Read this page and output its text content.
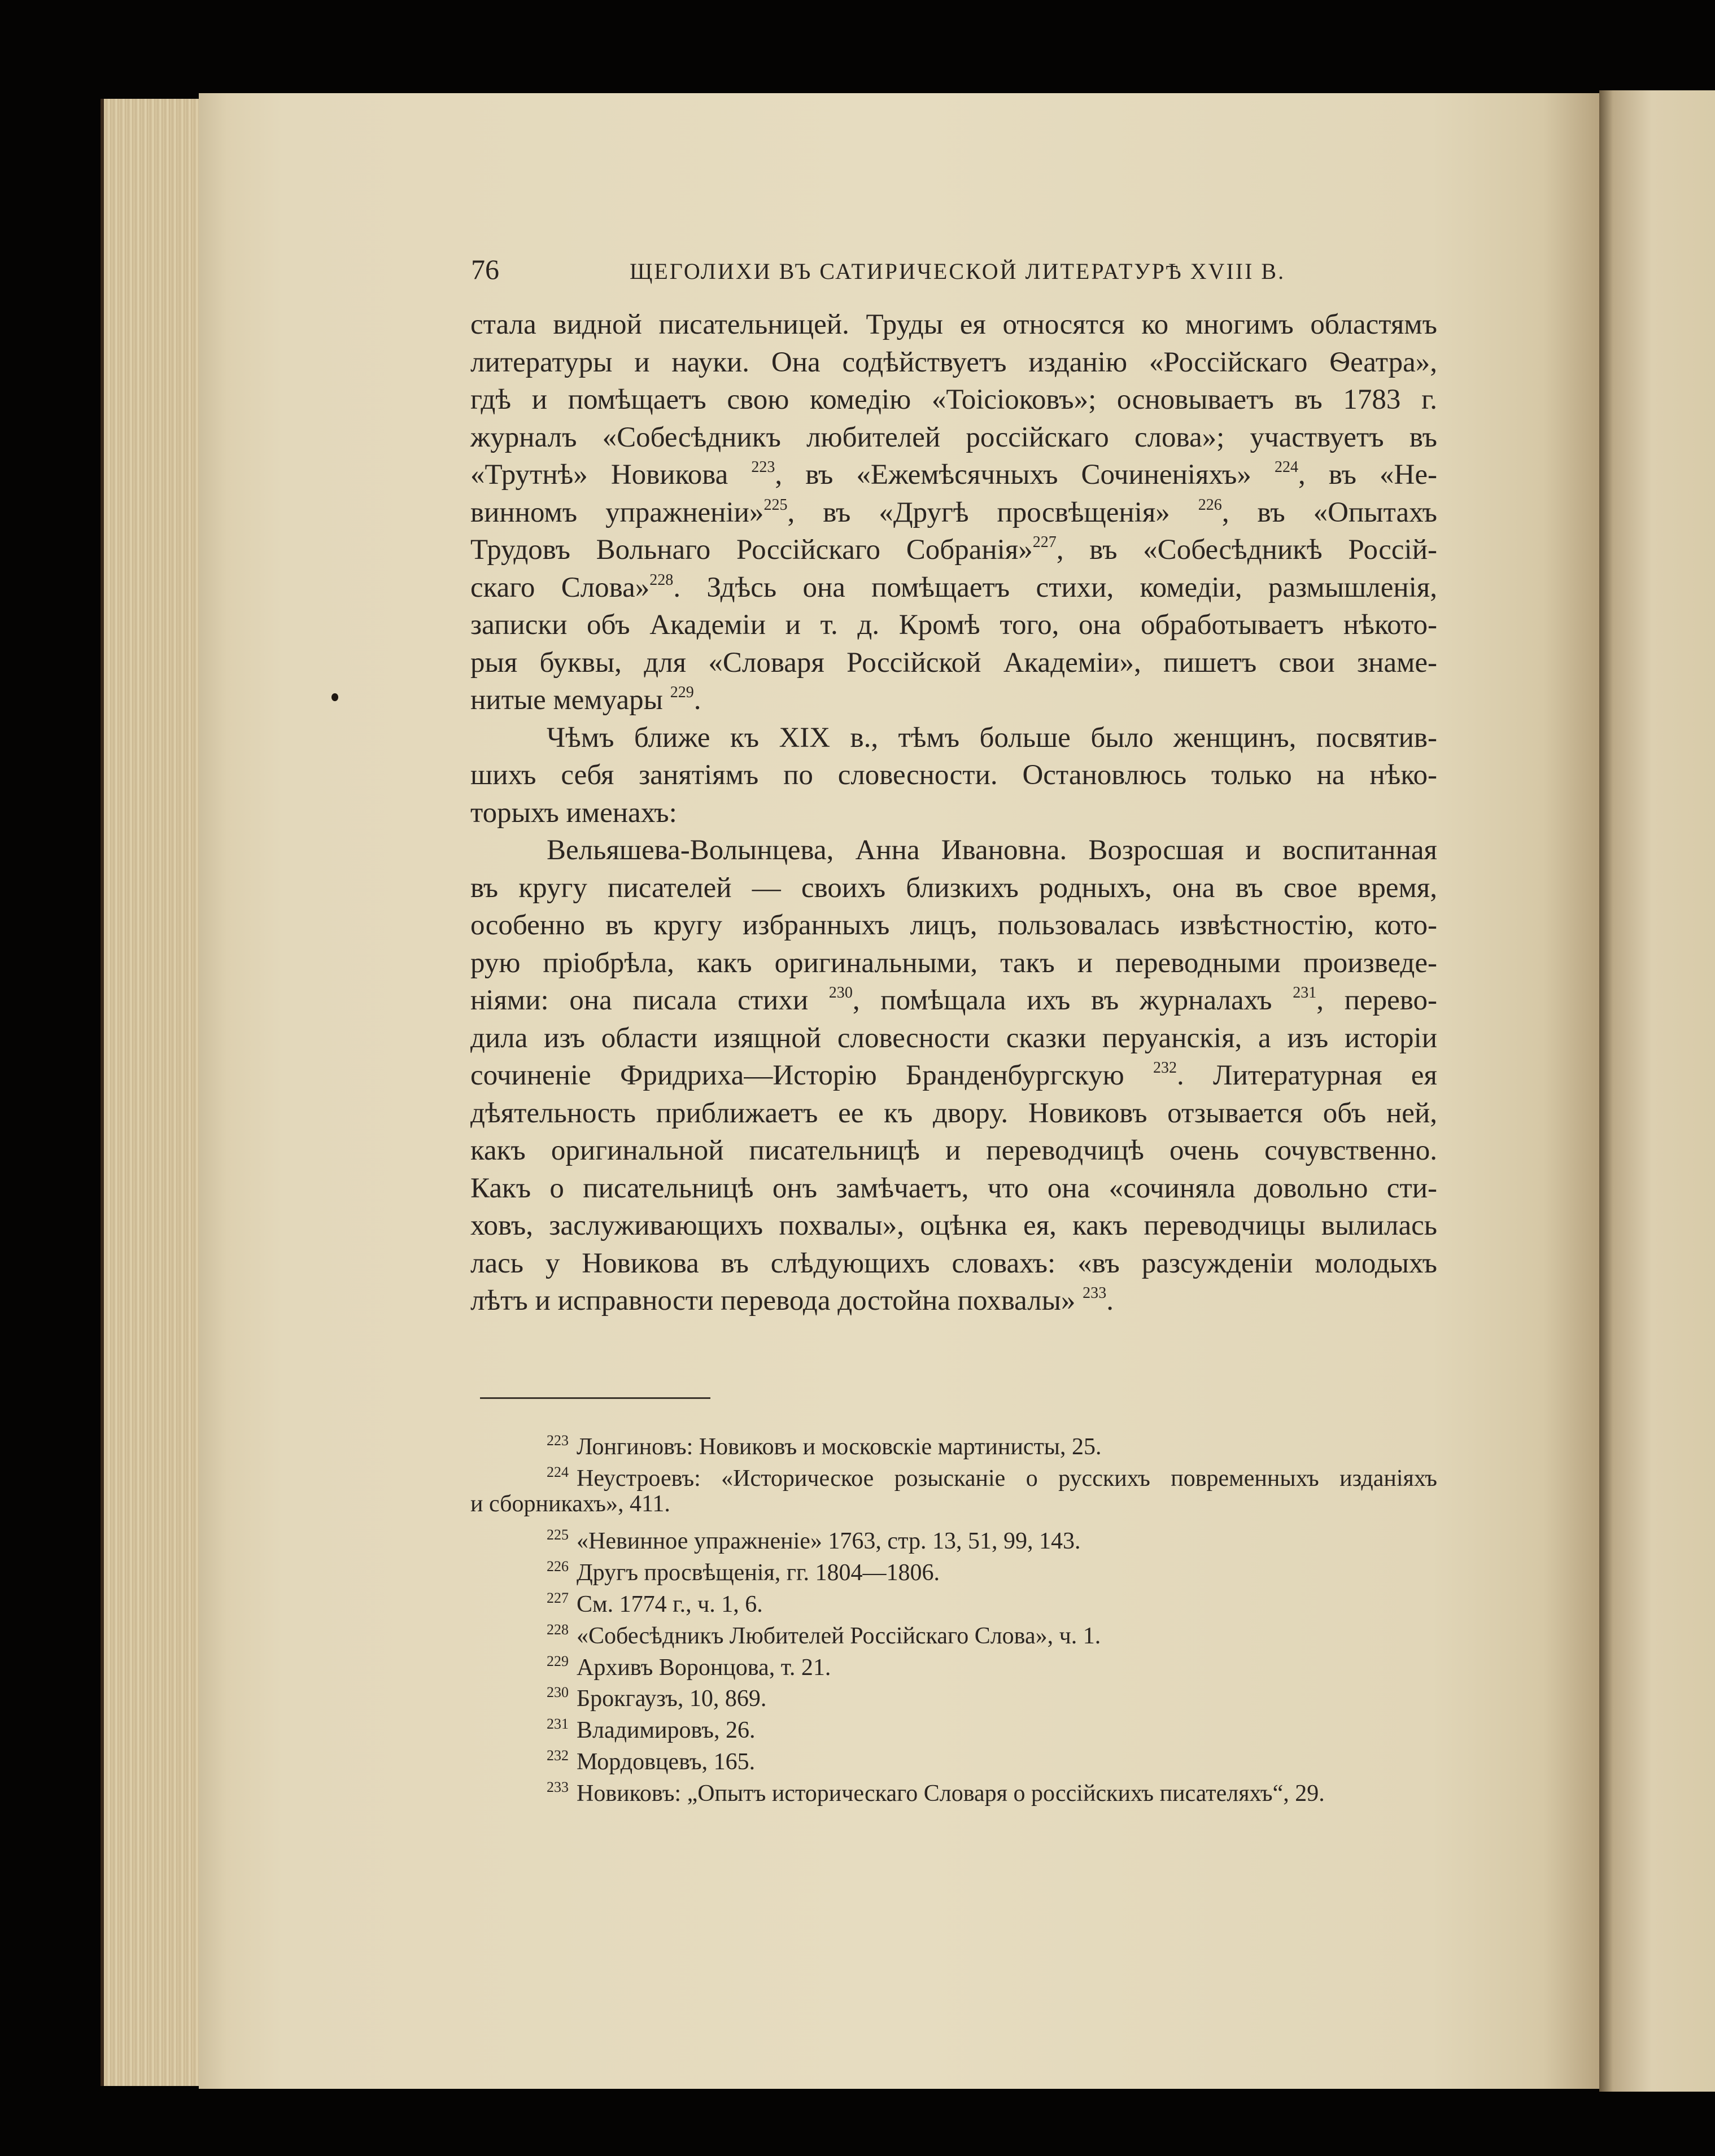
76	ЩЕГОЛИХИ ВЪ САТИРИЧЕСКОЙ ЛИТЕРАТУРѢ XVIII В.
стала видной писательницей. Труды ея относятся ко многимъ областямъ
литературы и науки. Она содѣйствуетъ изданію «Россійскаго Ѳеатра»,
гдѣ и помѣщаетъ свою комедію «Тоісіоковъ»; основываетъ въ 1783 г.
журналъ «Собесѣдникъ любителей россійскаго слова»; участвуетъ въ
«Трутнѣ» Новикова $^{223}$, въ «Ежемѣсячныхъ Сочиненіяхъ» $^{224}$, въ «Не-
винномъ упражненіи»$^{225}$, въ «Другѣ просвѣщенія» $^{226}$, въ «Опытахъ
Трудовъ Вольнаго Россійскаго Собранія»$^{227}$, въ «Собесѣдникѣ Россій-
скаго Слова»$^{228}$. Здѣсь она помѣщаетъ стихи, комедіи, размышленія,
записки объ Академіи и т. д. Кромѣ того, она обработываетъ нѣкото-
рыя буквы, для «Словаря Россійской Академіи», пишетъ свои знаме-
нитые мемуары $^{229}$.
Чѣмъ ближе къ XIX в., тѣмъ больше было женщинъ, посвятив-
шихъ себя занятіямъ по словесности. Остановлюсь только на нѣко-
торыхъ именахъ:
Вельяшева-Волынцева, Анна Ивановна. Возросшая и воспитанная
въ кругу писателей — своихъ близкихъ родныхъ, она въ свое время,
особенно въ кругу избранныхъ лицъ, пользовалась извѣстностію, кото-
рую пріобрѣла, какъ оригинальными, такъ и переводными произведе-
ніями: она писала стихи $^{230}$, помѣщала ихъ въ журналахъ $^{231}$, перево-
дила изъ области изящной словесности сказки перуанскія, а изъ исторіи
сочиненіе Фридриха—Исторію Бранденбургскую $^{232}$. Литературная ея
дѣятельность приближаетъ ее къ двору. Новиковъ отзывается объ ней,
какъ оригинальной писательницѣ и переводчицѣ очень сочувственно.
Какъ о писательницѣ онъ замѣчаетъ, что она «сочиняла довольно сти-
ховъ, заслуживающихъ похвалы», оцѣнка ея, какъ переводчицы вылилась
лась у Новикова въ слѣдующихъ словахъ: «въ разсужденіи молодыхъ
лѣтъ и исправности перевода достойна похвалы» $^{233}$.
$^{223}$ Лонгиновъ: Новиковъ и московскіе мартинисты, 25.
$^{224}$ Неустроевъ: «Историческое розысканіе о русскихъ повременныхъ изданіяхъ
и сборникахъ», 411.
$^{225}$ «Невинное упражненіе» 1763, стр. 13, 51, 99, 143.
$^{226}$ Другъ просвѣщенія, гг. 1804—1806.
$^{227}$ См. 1774 г., ч. 1, 6.
$^{228}$ «Собесѣдникъ Любителей Россійскаго Слова», ч. 1.
$^{229}$ Архивъ Воронцова, т. 21.
$^{230}$ Брокгаузъ, 10, 869.
$^{231}$ Владимировъ, 26.
$^{232}$ Мордовцевъ, 165.
$^{233}$ Новиковъ: „Опытъ историческаго Словаря о россійскихъ писателяхъ“, 29.
